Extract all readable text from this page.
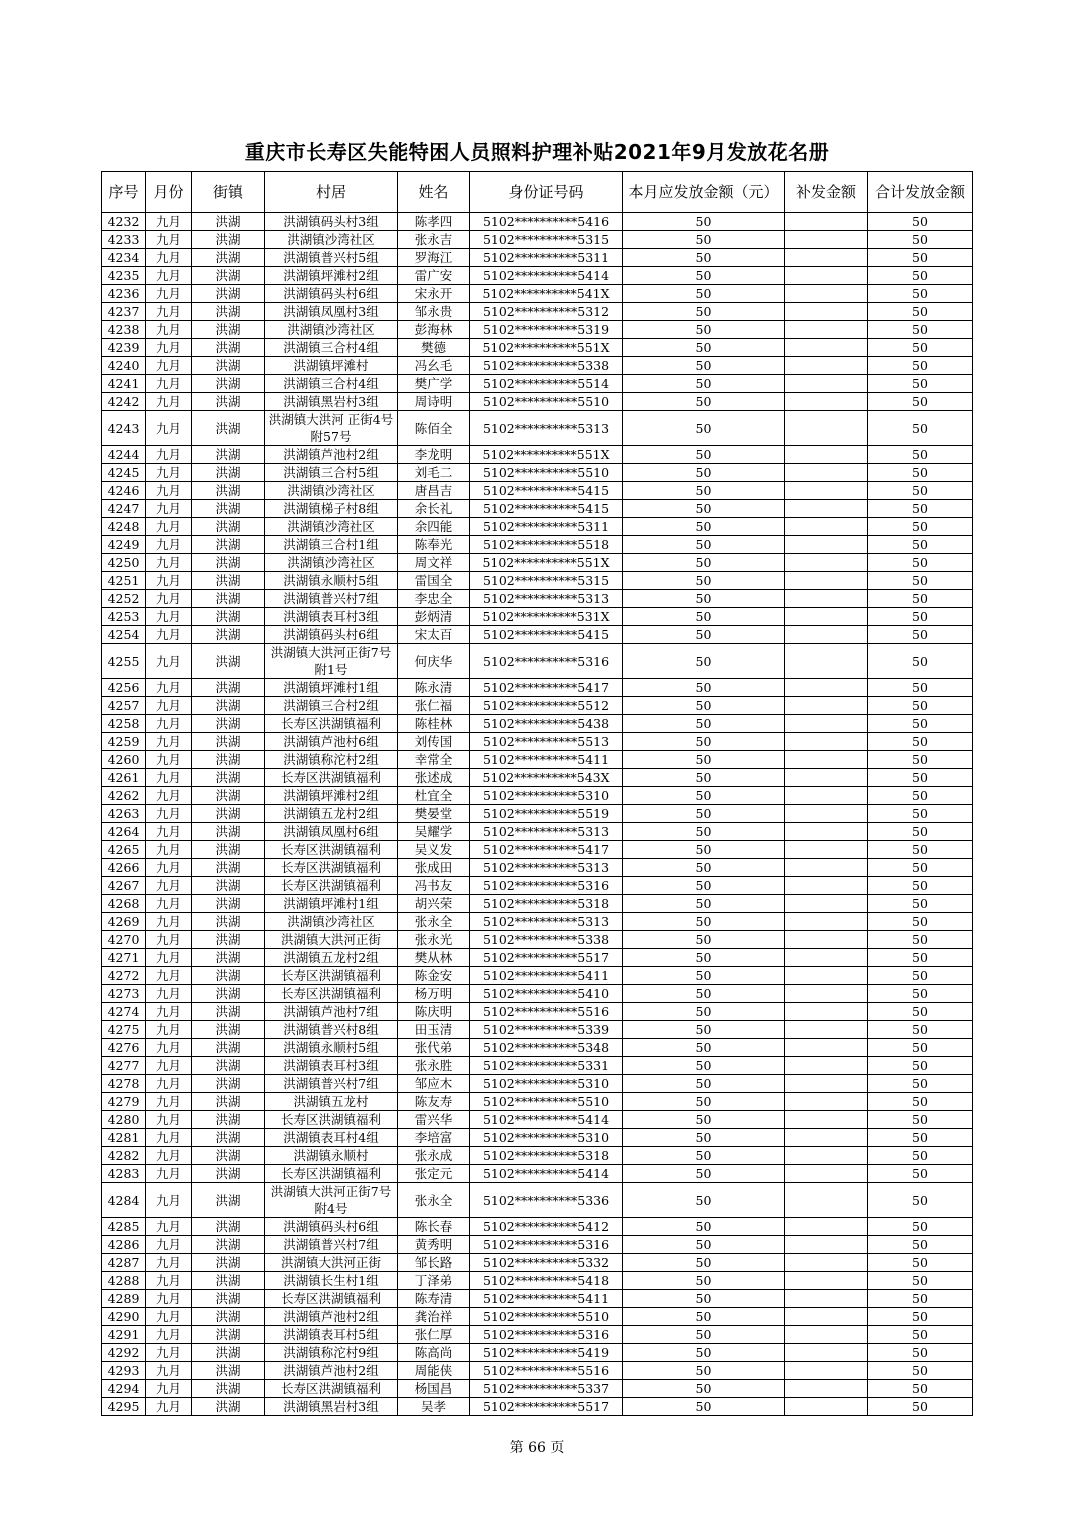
重庆市长寿区失能特困人员照料护理补贴2021年9月发放花名册
序号	月份	街镇	村居	姓名	身份证号码	本月应发放金额（元）	补发金额	合计发放金额
4232	九月	洪湖	洪湖镇码头村3组	陈孝四	5102**********5416	50		50
4233	九月	洪湖	洪湖镇沙湾社区	张永吉	5102**********5315	50		50
4234	九月	洪湖	洪湖镇普兴村5组	罗海江	5102**********5311	50		50
4235	九月	洪湖	洪湖镇坪滩村2组	雷广安	5102**********5414	50		50
4236	九月	洪湖	洪湖镇码头村6组	宋永开	5102**********541X	50		50
4237	九月	洪湖	洪湖镇凤凰村3组	邹永贵	5102**********5312	50		50
4238	九月	洪湖	洪湖镇沙湾社区	彭海林	5102**********5319	50		50
4239	九月	洪湖	洪湖镇三合村4组	樊德	5102**********551X	50		50
4240	九月	洪湖	洪湖镇坪滩村	冯幺毛	5102**********5338	50		50
4241	九月	洪湖	洪湖镇三合村4组	樊广学	5102**********5514	50		50
4242	九月	洪湖	洪湖镇黑岩村3组	周诗明	5102**********5510	50		50
4243	九月	洪湖	洪湖镇大洪河 正街4号附57号	陈佰全	5102**********5313	50		50
4244	九月	洪湖	洪湖镇芦池村2组	李龙明	5102**********551X	50		50
4245	九月	洪湖	洪湖镇三合村5组	刘毛二	5102**********5510	50		50
4246	九月	洪湖	洪湖镇沙湾社区	唐昌吉	5102**********5415	50		50
4247	九月	洪湖	洪湖镇梯子村8组	余长礼	5102**********5415	50		50
4248	九月	洪湖	洪湖镇沙湾社区	余四能	5102**********5311	50		50
4249	九月	洪湖	洪湖镇三合村1组	陈奉光	5102**********5518	50		50
4250	九月	洪湖	洪湖镇沙湾社区	周文祥	5102**********551X	50		50
4251	九月	洪湖	洪湖镇永顺村5组	雷国全	5102**********5315	50		50
4252	九月	洪湖	洪湖镇普兴村7组	李忠全	5102**********5313	50		50
4253	九月	洪湖	洪湖镇表耳村3组	彭炳清	5102**********531X	50		50
4254	九月	洪湖	洪湖镇码头村6组	宋太百	5102**********5415	50		50
4255	九月	洪湖	洪湖镇大洪河正街7号附1号	何庆华	5102**********5316	50		50
4256	九月	洪湖	洪湖镇坪滩村1组	陈永清	5102**********5417	50		50
4257	九月	洪湖	洪湖镇三合村2组	张仁福	5102**********5512	50		50
4258	九月	洪湖	长寿区洪湖镇福利	陈桂林	5102**********5438	50		50
4259	九月	洪湖	洪湖镇芦池村6组	刘传国	5102**********5513	50		50
4260	九月	洪湖	洪湖镇称沱村2组	幸常全	5102**********5411	50		50
4261	九月	洪湖	长寿区洪湖镇福利	张述成	5102**********543X	50		50
4262	九月	洪湖	洪湖镇坪滩村2组	杜宜全	5102**********5310	50		50
4263	九月	洪湖	洪湖镇五龙村2组	樊晏堂	5102**********5519	50		50
4264	九月	洪湖	洪湖镇凤凰村6组	吴耀学	5102**********5313	50		50
4265	九月	洪湖	长寿区洪湖镇福利	吴义发	5102**********5417	50		50
4266	九月	洪湖	长寿区洪湖镇福利	张成田	5102**********5313	50		50
4267	九月	洪湖	长寿区洪湖镇福利	冯书友	5102**********5316	50		50
4268	九月	洪湖	洪湖镇坪滩村1组	胡兴荣	5102**********5318	50		50
4269	九月	洪湖	洪湖镇沙湾社区	张永全	5102**********5313	50		50
4270	九月	洪湖	洪湖镇大洪河正街	张永光	5102**********5338	50		50
4271	九月	洪湖	洪湖镇五龙村2组	樊从林	5102**********5517	50		50
4272	九月	洪湖	长寿区洪湖镇福利	陈金安	5102**********5411	50		50
4273	九月	洪湖	长寿区洪湖镇福利	杨万明	5102**********5410	50		50
4274	九月	洪湖	洪湖镇芦池村7组	陈庆明	5102**********5516	50		50
4275	九月	洪湖	洪湖镇普兴村8组	田玉清	5102**********5339	50		50
4276	九月	洪湖	洪湖镇永顺村5组	张代弟	5102**********5348	50		50
4277	九月	洪湖	洪湖镇表耳村3组	张永胜	5102**********5331	50		50
4278	九月	洪湖	洪湖镇普兴村7组	邹应木	5102**********5310	50		50
4279	九月	洪湖	洪湖镇五龙村	陈友寿	5102**********5510	50		50
4280	九月	洪湖	长寿区洪湖镇福利	雷兴华	5102**********5414	50		50
4281	九月	洪湖	洪湖镇表耳村4组	李培富	5102**********5310	50		50
4282	九月	洪湖	洪湖镇永顺村	张永成	5102**********5318	50		50
4283	九月	洪湖	长寿区洪湖镇福利	张定元	5102**********5414	50		50
4284	九月	洪湖	洪湖镇大洪河正街7号附4号	张永全	5102**********5336	50		50
4285	九月	洪湖	洪湖镇码头村6组	陈长春	5102**********5412	50		50
4286	九月	洪湖	洪湖镇普兴村7组	黄秀明	5102**********5316	50		50
4287	九月	洪湖	洪湖镇大洪河正街	邹长路	5102**********5332	50		50
4288	九月	洪湖	洪湖镇长生村1组	丁泽弟	5102**********5418	50		50
4289	九月	洪湖	长寿区洪湖镇福利	陈寿清	5102**********5411	50		50
4290	九月	洪湖	洪湖镇芦池村2组	龚治祥	5102**********5510	50		50
4291	九月	洪湖	洪湖镇表耳村5组	张仁厚	5102**********5316	50		50
4292	九月	洪湖	洪湖镇称沱村9组	陈高尚	5102**********5419	50		50
4293	九月	洪湖	洪湖镇芦池村2组	周能侠	5102**********5516	50		50
4294	九月	洪湖	长寿区洪湖镇福利	杨国昌	5102**********5337	50		50
4295	九月	洪湖	洪湖镇黑岩村3组	吴孝	5102**********5517	50		50
第 66 页
